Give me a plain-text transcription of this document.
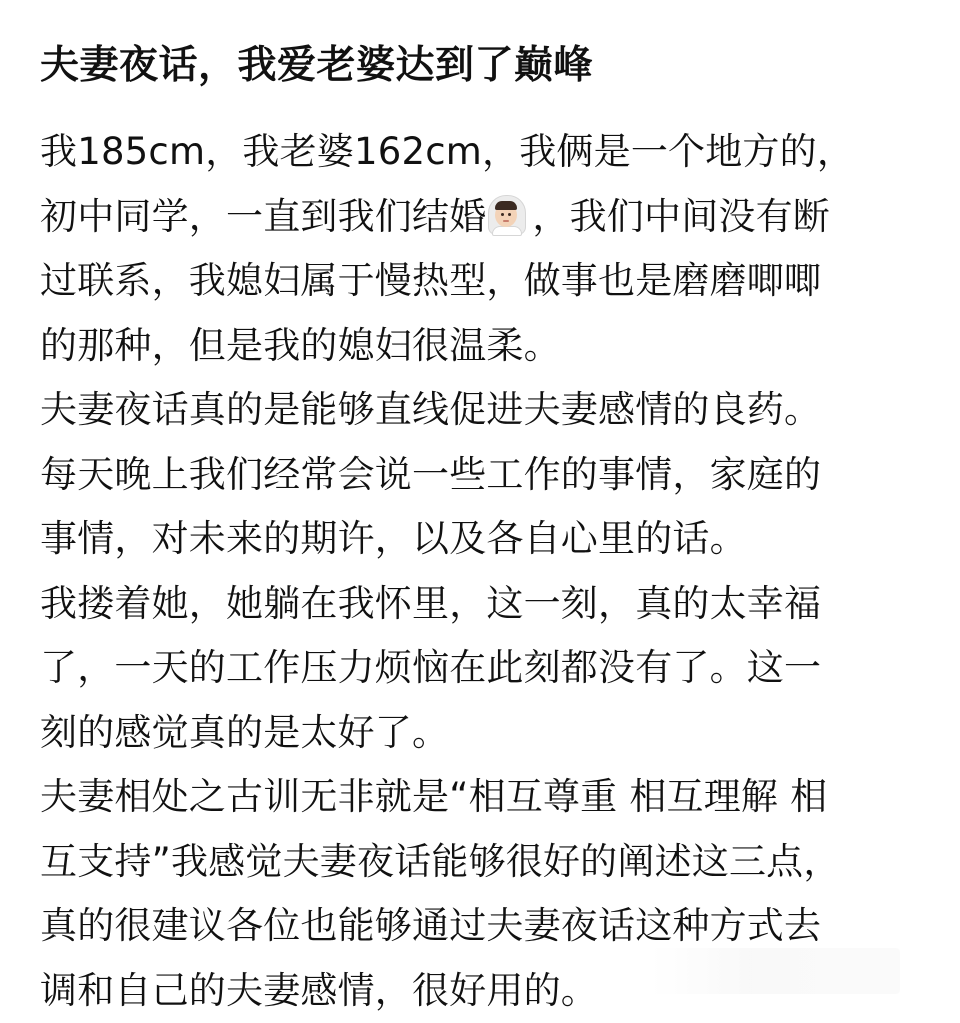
夫妻夜话，我爱老婆达到了巅峰
我185cm，我老婆162cm，我俩是一个地方的，
初中同学，一直到我们结婚 ，我们中间没有断
过联系，我媳妇属于慢热型，做事也是磨磨唧唧
的那种，但是我的媳妇很温柔。
夫妻夜话真的是能够直线促进夫妻感情的良药。
每天晚上我们经常会说一些工作的事情，家庭的
事情，对未来的期许，以及各自心里的话。
我搂着她，她躺在我怀里，这一刻，真的太幸福
了，一天的工作压力烦恼在此刻都没有了。这一
刻的感觉真的是太好了。
夫妻相处之古训无非就是“相互尊重 相互理解 相
互支持”我感觉夫妻夜话能够很好的阐述这三点，
真的很建议各位也能够通过夫妻夜话这种方式去
调和自己的夫妻感情，很好用的。
